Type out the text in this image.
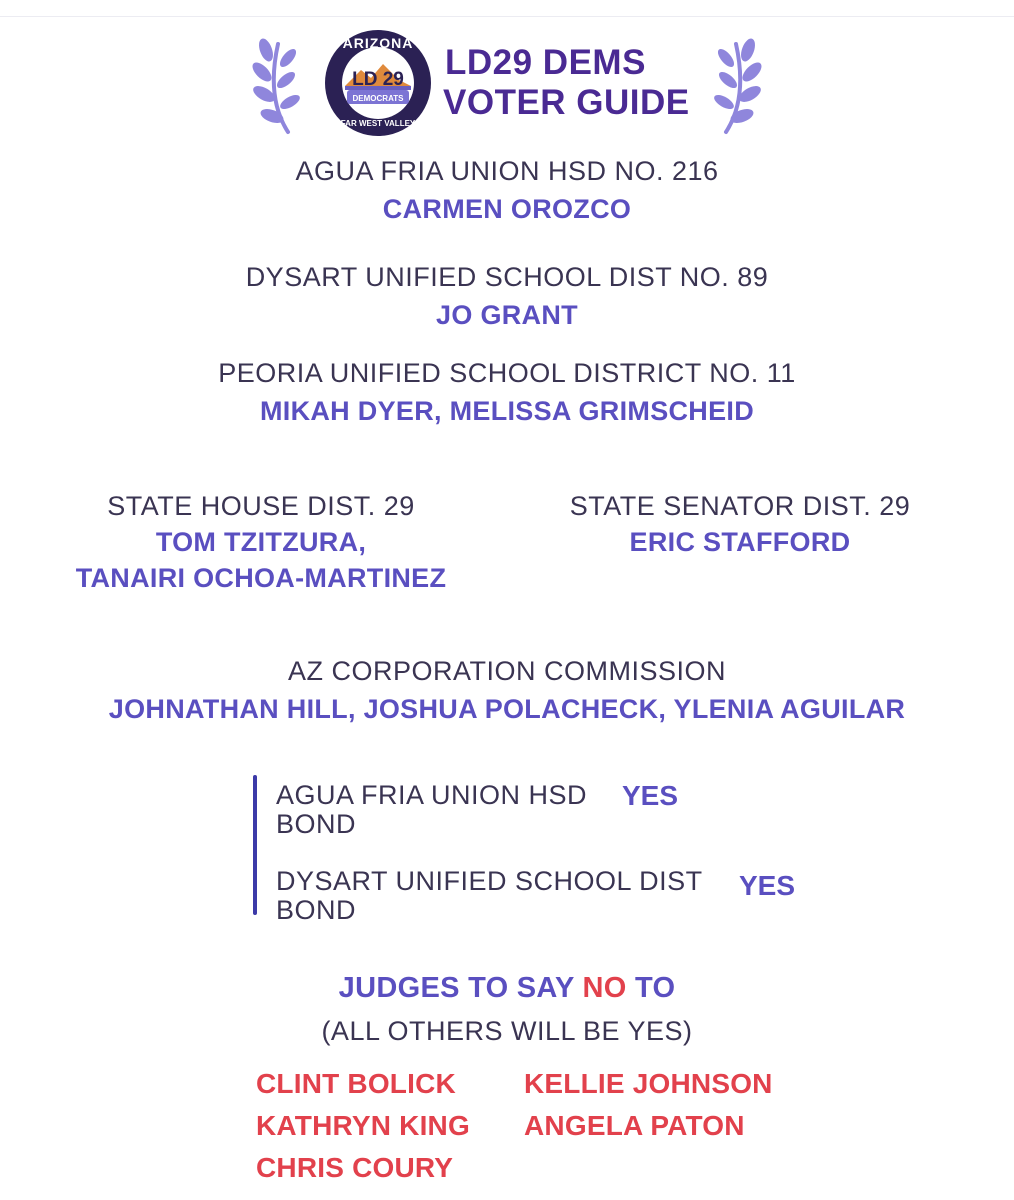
ARIZONA
LD 29
DEMOCRATS
FAR WEST VALLEY
LD29 DEMS
VOTER GUIDE
AGUA FRIA UNION HSD NO. 216
CARMEN OROZCO
DYSART UNIFIED SCHOOL DIST NO. 89
JO GRANT
PEORIA UNIFIED SCHOOL DISTRICT NO. 11
MIKAH DYER, MELISSA GRIMSCHEID
STATE HOUSE DIST. 29
TOM TZITZURA,
TANAIRI OCHOA-MARTINEZ
STATE SENATOR DIST. 29
ERIC STAFFORD
AZ CORPORATION COMMISSION
JOHNATHAN HILL, JOSHUA POLACHECK, YLENIA AGUILAR
AGUA FRIA UNION HSD
BOND
YES
DYSART UNIFIED SCHOOL DIST
BOND
YES
JUDGES TO SAY NO TO
(ALL OTHERS WILL BE YES)
CLINT BOLICK KELLIE JOHNSON
KATHRYN KING ANGELA PATON
CHRIS COURY
